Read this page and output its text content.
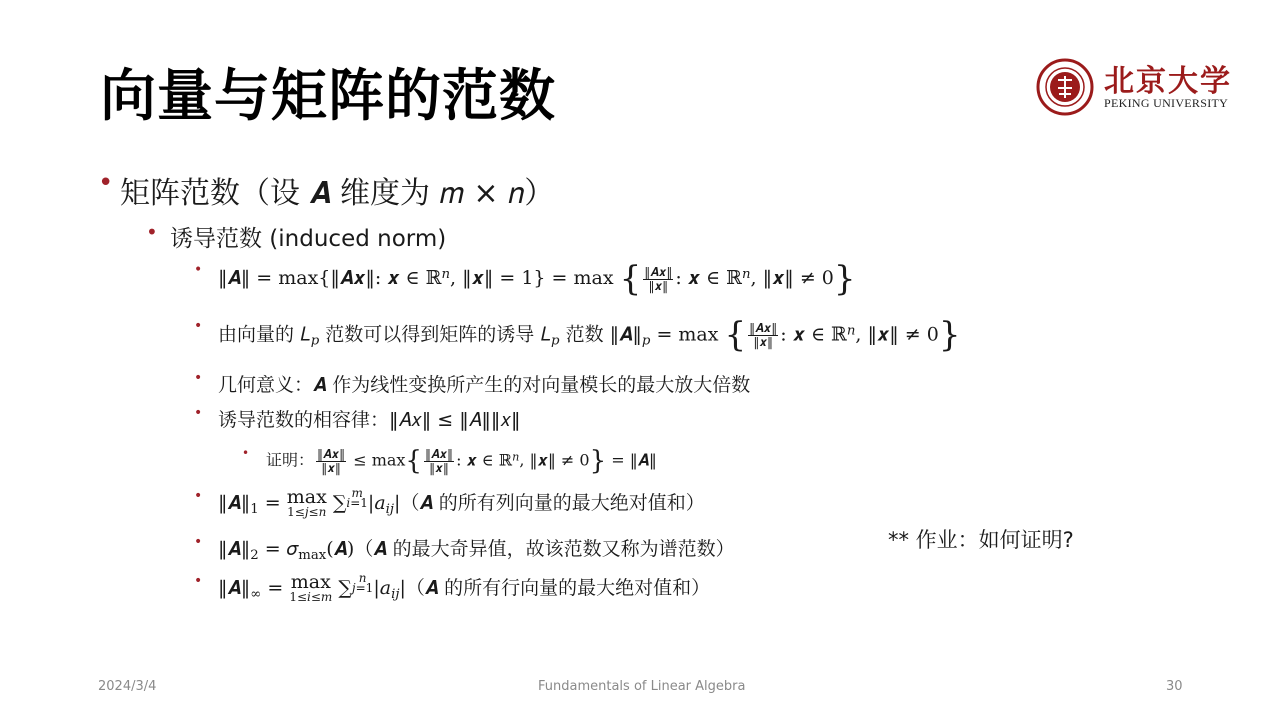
向量与矩阵的范数	北京大学
PEKING UNIVERSITY
• 矩阵范数（设 𝑨 维度为 𝑚 × 𝑛）
• 诱导范数 (induced norm)
• ‖𝑨‖ = max{‖𝑨𝒙‖: 𝒙 ∈ ℝ$^𝑛$, ‖𝒙‖ = 1} = max { $\frac{\text{‖𝑨𝒙‖}}{\text{‖𝒙‖}}$ : 𝒙 ∈ ℝ$^𝑛$, ‖𝒙‖ ≠ 0}
• 由向量的 𝐿$_𝑝$ 范数可以得到矩阵的诱导 𝐿$_𝑝$ 范数 $‖𝑨‖_𝑝 = \max$ { $\frac{\text{‖𝑨𝒙‖}}{\text{‖𝒙‖}}$ : 𝒙 ∈ ℝ$^𝑛$, ‖𝒙‖ ≠ 0}
• 几何意义：𝑨 作为线性变换所产生的对向量模长的最大放大倍数
• 诱导范数的相容律：‖𝐴𝑥‖ ≤ ‖𝐴‖‖𝑥‖
• 证明： $\frac{\text{‖𝑨𝒙‖}}{\text{‖𝒙‖}} \le \max\{ \frac{\text{‖𝑨𝒙‖}}{\text{‖𝒙‖}}$ : 𝒙 ∈ ℝ$^𝑛$, ‖𝒙‖ ≠ 0} = ‖𝑨‖
• $‖𝑨‖_1 = \max$
1≤𝑗≤𝑛 ∑ 𝑚
𝑖=1 |𝑎$_{𝑖𝑗}$|（𝑨 的所有列向量的最大绝对值和）
• $‖𝑨‖_2$ = 𝜎$_{max}$(𝑨)（𝑨 的最大奇异值，故该范数又称为谱范数）
• $‖𝑨‖_\infty = \max$
1≤𝑖≤𝑚 ∑ 𝑛
𝑗=1 |𝑎$_{𝑖𝑗}$|（𝑨 的所有行向量的最大绝对值和）
** 作业：如何证明?
2024/3/4	Fundamentals of Linear Algebra	30
